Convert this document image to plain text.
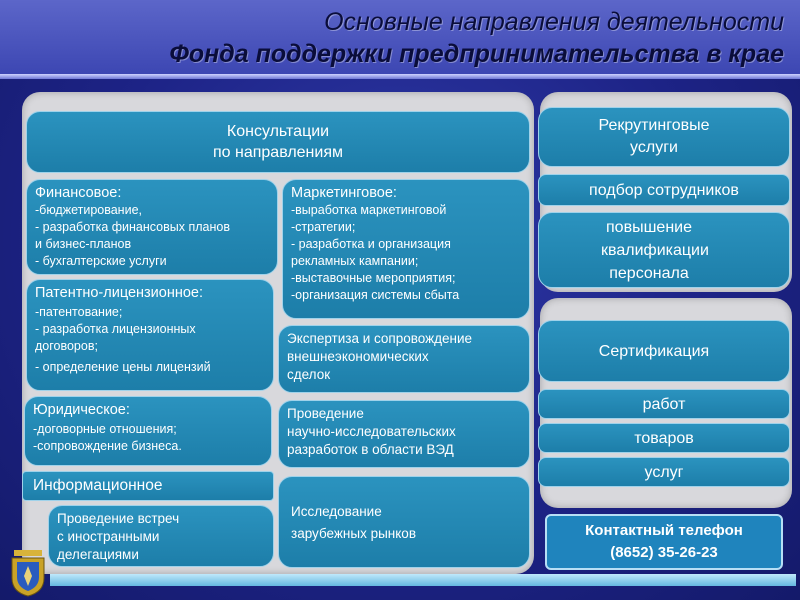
Основные направления деятельности
Фонда поддержки предпринимательства в крае
Консультации
по направлениям
Финансовое:
-бюджетирование,
- разработка финансовых планов
и бизнес-планов
- бухгалтерские услуги
Маркетинговое:
-выработка маркетинговой
-стратегии;
- разработка и организация
рекламных кампании;
-выставочные мероприятия;
-организация системы сбыта
Патентно-лицензионное:
-патентование;
- разработка лицензионных
договоров;
- определение цены лицензий
Экспертиза и сопровождение
внешнеэкономических
сделок
Юридическое:
-договорные отношения;
-сопровождение бизнеса.
Проведение
научно-исследовательских
разработок в области ВЭД
Информационное
Проведение встреч
с иностранными
делегациями
Исследование
зарубежных рынков
Рекрутинговые
услуги
подбор сотрудников
повышение
квалификации
персонала
Сертификация
работ
товаров
услуг
Контактный телефон
(8652) 35-26-23
